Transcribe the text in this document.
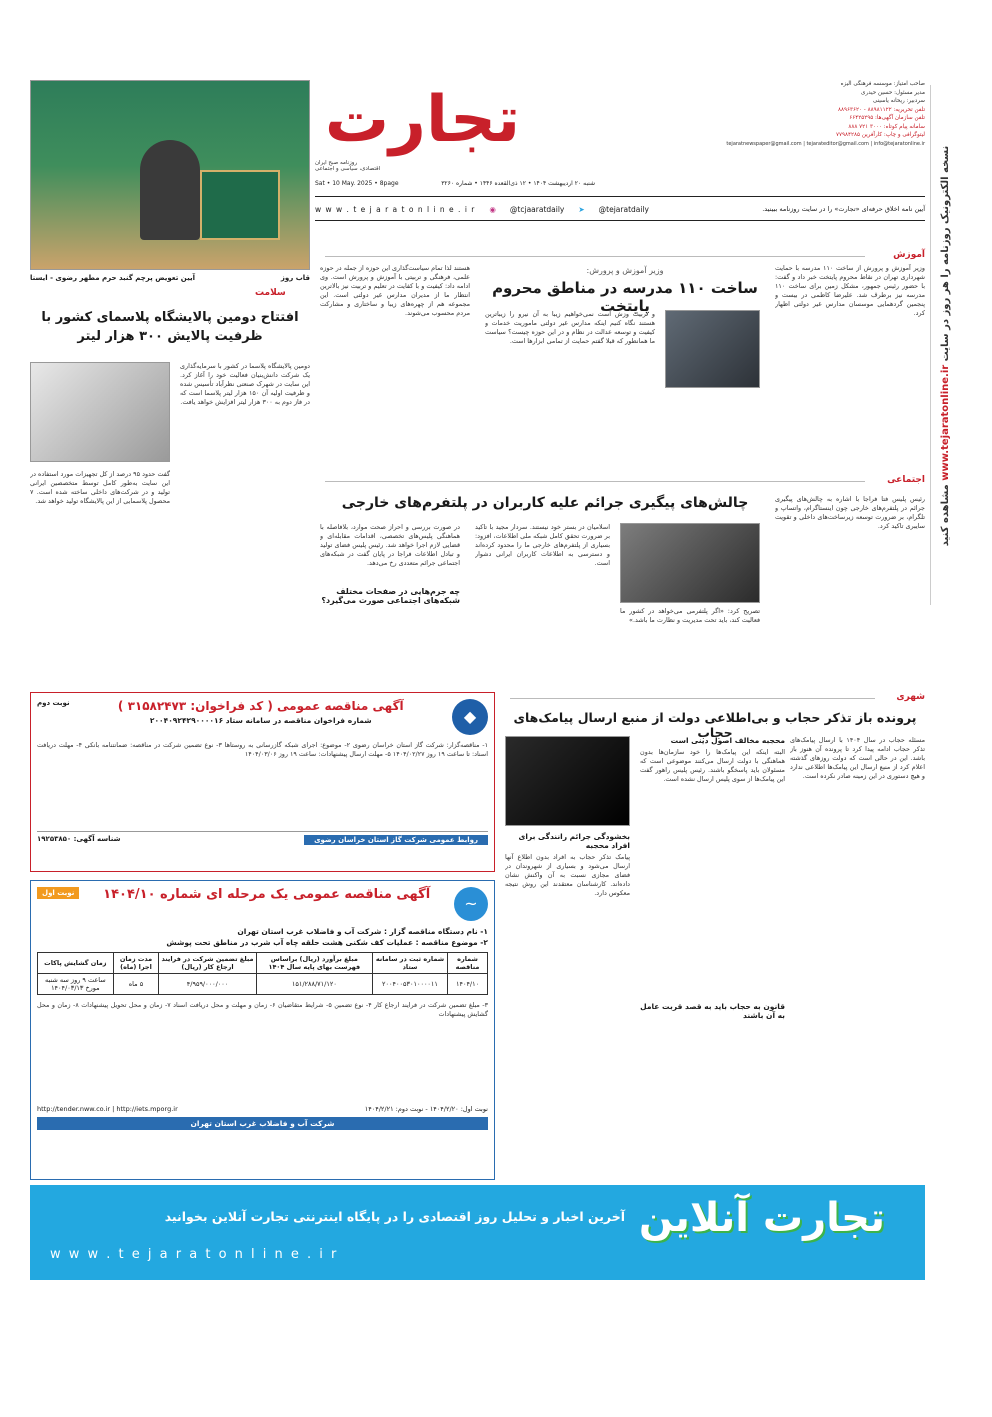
نسخه الکترونیک روزنامه را هر روز در سایت www.tejaratonline.ir مشاهده کنید
صاحب امتیاز: موسسه فرهنگی الیزه
مدیر مسئول: حسین حیدری
سردبیر: ریحانه یاسینی
تلفن تحریریه: ۸۸۹۸۱۱۲۲ - ۸۸۹۶۳۶۲۰
تلفن سازمان آگهی‌ها: ۶۶۴۲۵۲۹۵
سامانه پیام کوتاه: ۳۰۰۰ ۷۲۱ ۸۸۸
لیتوگرافی و چاپ: کارآفرین ۷۷۹۸۴۲۸۵
tejaratnewspaper@gmail.com | tejarateditor@gmail.com | info@tejaratonline.ir
تجارت
روزنامه صبح ایران
اقتصادی، سیاسی و اجتماعی
شنبه ۲۰ اردیبهشت ۱۴۰۴ • ۱۲ ذی‌القعده ۱۴۴۶ • شماره ۳۲۶۰
Sat • 10 May. 2025 • 8page
w w w . t e j a r a t o n l i n e . i r ◉ @tcjaaratdaily ➤ @tejaratdaily	آیین نامه اخلاق حرفه‌ای «تجارت» را در سایت روزنامه ببینید.
قاب روز
آیین تعویض پرچم گنبد حرم مطهر رضوی - ایسنا
آموزش
وزیر آموزش و پرورش از ساخت ۱۱۰ مدرسه با حمایت شهرداری تهران در نقاط محروم پایتخت خبر داد و گفت: با حضور رئیس جمهور، مشکل زمین برای ساخت ۱۱۰ مدرسه نیز برطرف شد. علیرضا کاظمی در بیست و پنجمین گردهمایی موسسان مدارس غیر دولتی اظهار کرد.
وزیر آموزش و پرورش:
ساخت ۱۱۰ مدرسه در مناطق محروم پایتخت
و تربیت وزش است نمی‌خواهیم زیبا به آن نیرو را زیباترین هستند نگاه کنیم اینکه مدارس غیر دولتی ماموریت خدمات و کیفیت و توسعه عدالت در نظام و در این حوزه چیست؟ سیاست ما همانطور که قبلا گفتم حمایت از تمامی ابزارها است.
هستند لذا تمام سیاست‌گذاری این حوزه از جمله در حوزه علمی، فرهنگی و تربیتی با آموزش و پرورش است. وی ادامه داد: کیفیت و با کفایت در تعلیم و تربیت نیز بالاترین انتظار ما از مدیران مدارس غیر دولتی است. این مجموعه هم از چهره‌های زیبا و ساختاری و مشارکت مردم محسوب می‌شوند.
سلامت
افتتاح دومین پالایشگاه پلاسمای کشور با ظرفیت پالایش ۳۰۰ هزار لیتر
دومین پالایشگاه پلاسما در کشور با سرمایه‌گذاری یک شرکت دانش‌بنیان فعالیت خود را آغاز کرد. این سایت در شهرک صنعتی نظرآباد تأسیس شده و ظرفیت اولیه آن ۱۵۰ هزار لیتر پلاسما است که در فاز دوم به ۳۰۰ هزار لیتر افزایش خواهد یافت.
گفت حدود ۹۵ درصد از کل تجهیزات مورد استفاده در این سایت به‌طور کامل توسط متخصصین ایرانی تولید و در شرکت‌های داخلی ساخته شده است. ۷ محصول پلاسمایی از این پالایشگاه تولید خواهد شد.
اجتماعی
چالش‌های پیگیری جرائم علیه کاربران در پلتفرم‌های خارجی	رئیس پلیس فتا فراجا با اشاره به چالش‌های پیگیری جرائم در پلتفرم‌های خارجی چون اینستاگرام، واتساپ و تلگرام، بر ضرورت توسعه زیرساخت‌های داخلی و تقویت سایبری تاکید کرد.
تصریح کرد: «اگر پلتفرمی می‌خواهد در کشور ما فعالیت کند، باید تحت مدیریت و نظارت ما باشد.»
اسلامیان در بستر خود نیستند. سردار مجید با تاکید بر ضرورت تحقق کامل شبکه ملی اطلاعات، افزود: بسیاری از پلتفرم‌های خارجی ما را محدود کرده‌اند و دسترسی به اطلاعات کاربران ایرانی دشوار است.
در صورت بررسی و احراز صحت موارد، بلافاصله با هماهنگی پلیس‌های تخصصی، اقدامات مقابله‌ای و قضایی لازم اجرا خواهد شد. رئیس پلیس فضای تولید و تبادل اطلاعات فراجا در پایان گفت در شبکه‌های اجتماعی جرائم متعددی رخ می‌دهد.
چه جرم‌هایی در صفحات مختلف شبکه‌های اجتماعی صورت می‌گیرد؟
◆
آگهی مناقصه عمومی ( کد فراخوان: ۳۱۵۸۲۴۷۳ )
شماره فراخوان مناقصه در سامانه ستاد ۲۰۰۴۰۹۲۴۲۹۰۰۰۰۱۶
نوبت دوم
۱- مناقصه‌گزار: شرکت گاز استان خراسان رضوی ۲- موضوع: اجرای شبکه گازرسانی به روستاها ۳- نوع تضمین شرکت در مناقصه: ضمانتنامه بانکی ۴- مهلت دریافت اسناد: تا ساعت ۱۹ روز ۱۴۰۴/۰۲/۲۷ ۵- مهلت ارسال پیشنهادات: ساعت ۱۹ روز ۱۴۰۴/۰۳/۰۶
روابط عمومی شرکت گاز استان خراسان رضوی
شناسه آگهی: ۱۹۲۵۳۸۵۰
شهری
پرونده باز تذکر حجاب و بی‌اطلاعی دولت از منبع ارسال پیامک‌های حجاب	مسئله حجاب در سال ۱۴۰۴ با ارسال پیامک‌های تذکر حجاب ادامه پیدا کرد تا پرونده آن هنوز باز باشد. این در حالی است که دولت روزهای گذشته اعلام کرد از منبع ارسال این پیامک‌ها اطلاعی ندارد و هیچ دستوری در این زمینه صادر نکرده است.
محجبه مخالف اصول دینی است
البته اینکه این پیامک‌ها را خود سازمان‌ها بدون هماهنگی با دولت ارسال می‌کنند موضوعی است که مسئولان باید پاسخگو باشند. رئیس پلیس راهور گفت این پیامک‌ها از سوی پلیس ارسال نشده است.
قانون به حجاب باید به قصد قربت عامل به آن باشند
بخشودگی جرائم رانندگی برای افراد محجبه
پیامک تذکر حجاب به افراد بدون اطلاع آنها ارسال می‌شود و بسیاری از شهروندان در فضای مجازی نسبت به آن واکنش نشان داده‌اند. کارشناسان معتقدند این روش نتیجه معکوس دارد.
~
آگهی مناقصه عمومی یک مرحله ای شماره ۱۴۰۴/۱۰
نوبت اول
۱- نام دستگاه مناقصه گزار : شرکت آب و فاضلاب غرب استان تهران
۲- موضوع مناقصه : عملیات کف شکنی هشت حلقه چاه آب شرب در مناطق تحت پوشش
شماره مناقصه	شماره ثبت در سامانه ستاد	مبلغ برآورد (ریال) براساس فهرست بهای پایه سال ۱۴۰۴	مبلغ تضمین شرکت در فرایند ارجاع کار (ریال)	مدت زمان اجرا (ماه)	زمان گشایش پاکات
۱۴۰۴/۱۰	۲۰۰۴۰۰۵۳۰۱۰۰۰۰۱۱	۱۵۱/۲۸۸/۷۱/۱۲۰	۴/۹۵۹/۰۰۰/۰۰۰	۵ ماه	ساعت ۹ روز سه شنبه مورخ ۱۴۰۴/۰۳/۱۳
۳- مبلغ تضمین شرکت در فرایند ارجاع کار ۴- نوع تضمین ۵- شرایط متقاضیان ۶- زمان و مهلت و محل دریافت اسناد ۷- زمان و محل تحویل پیشنهادات ۸- زمان و محل گشایش پیشنهادات
نوبت اول: ۱۴۰۴/۲/۲۰ - نوبت دوم: ۱۴۰۴/۲/۲۱
http://tender.nww.co.ir | http://iets.mporg.ir
شرکت آب و فاضلاب غرب استان تهران
تجارت آنلاین
آخرین اخبار و تحلیل روز اقتصادی را در پایگاه اینترنتی تجارت آنلاین بخوانید
w w w . t e j a r a t o n l i n e . i r
